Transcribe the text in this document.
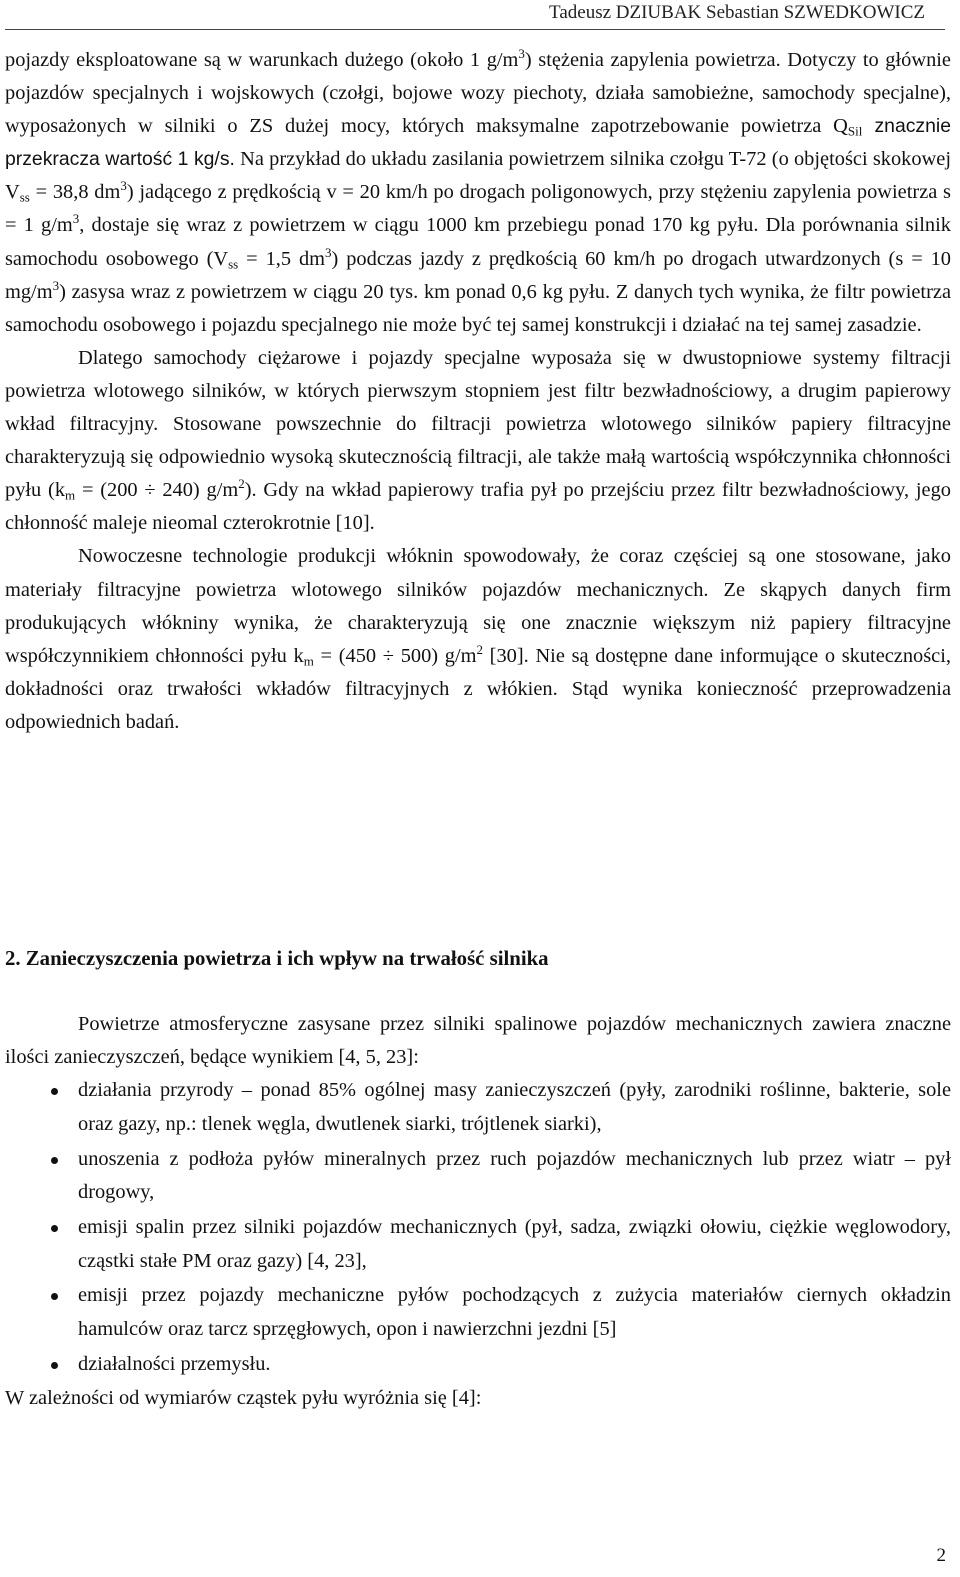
Tadeusz DZIUBAK Sebastian SZWEDKOWICZ

pojazdy eksploatowane są w warunkach dużego (około 1 $g/m^3$) stężenia zapylenia powietrza. Dotyczy to głównie pojazdów specjalnych i wojskowych (czołgi, bojowe wozy piechoty, działa samobieżne, samochody specjalne), wyposażonych w silniki o ZS dużej mocy, których maksymalne zapotrzebowanie powietrza $Q_{Sil}$ znacznie przekracza wartość 1 kg/s. Na przykład do układu zasilania powietrzem silnika czołgu T-72 (o objętości skokowej $V_{ss} = 38,8$ $dm^3$) jadącego z prędkością v = 20 km/h po drogach poligonowych, przy stężeniu zapylenia powietrza s = 1 $g/m^3$, dostaje się wraz z powietrzem w ciągu 1000 km przebiegu ponad 170 kg pyłu. Dla porównania silnik samochodu osobowego ($V_{ss} = 1,5$ $dm^3$) podczas jazdy z prędkością 60 km/h po drogach utwardzonych (s = 10 $mg/m^3$) zasysa wraz z powietrzem w ciągu 20 tys. km ponad 0,6 kg pyłu. Z danych tych wynika, że filtr powietrza samochodu osobowego i pojazdu specjalnego nie może być tej samej konstrukcji i działać na tej samej zasadzie.

Dlatego samochody ciężarowe i pojazdy specjalne wyposaża się w dwustopniowe systemy filtracji powietrza wlotowego silników, w których pierwszym stopniem jest filtr bezwładnościowy, a drugim papierowy wkład filtracyjny. Stosowane powszechnie do filtracji powietrza wlotowego silników papiery filtracyjne charakteryzują się odpowiednio wysoką skutecznością filtracji, ale także małą wartością współczynnika chłonności pyłu ($k_m = (200 \div 240)$ $g/m^2$). Gdy na wkład papierowy trafia pył po przejściu przez filtr bezwładnościowy, jego chłonność maleje nieomal czterokrotnie [10].

Nowoczesne technologie produkcji włóknin spowodowały, że coraz częściej są one stosowane, jako materiały filtracyjne powietrza wlotowego silników pojazdów mechanicznych. Ze skąpych danych firm produkujących włókniny wynika, że charakteryzują się one znacznie większym niż papiery filtracyjne współczynnikiem chłonności pyłu $k_m = (450 \div 500)$ $g/m^2$ [30]. Nie są dostępne dane informujące o skuteczności, dokładności oraz trwałości wkładów filtracyjnych z włókien. Stąd wynika konieczność przeprowadzenia odpowiednich badań.

2. Zanieczyszczenia powietrza i ich wpływ na trwałość silnika

Powietrze atmosferyczne zasysane przez silniki spalinowe pojazdów mechanicznych zawiera znaczne ilości zanieczyszczeń, będące wynikiem [4, 5, 23]:

działania przyrody – ponad 85% ogólnej masy zanieczyszczeń (pyły, zarodniki roślinne, bakterie, sole oraz gazy, np.: tlenek węgla, dwutlenek siarki, trójtlenek siarki),
unoszenia z podłoża pyłów mineralnych przez ruch pojazdów mechanicznych lub przez wiatr – pył drogowy,
emisji spalin przez silniki pojazdów mechanicznych (pył, sadza, związki ołowiu, ciężkie węglowodory, cząstki stałe PM oraz gazy) [4, 23],
emisji przez pojazdy mechaniczne pyłów pochodzących z zużycia materiałów ciernych okładzin hamulców oraz tarcz sprzęgłowych, opon i nawierzchni jezdni [5]
działalności przemysłu.

W zależności od wymiarów cząstek pyłu wyróżnia się [4]:

2
